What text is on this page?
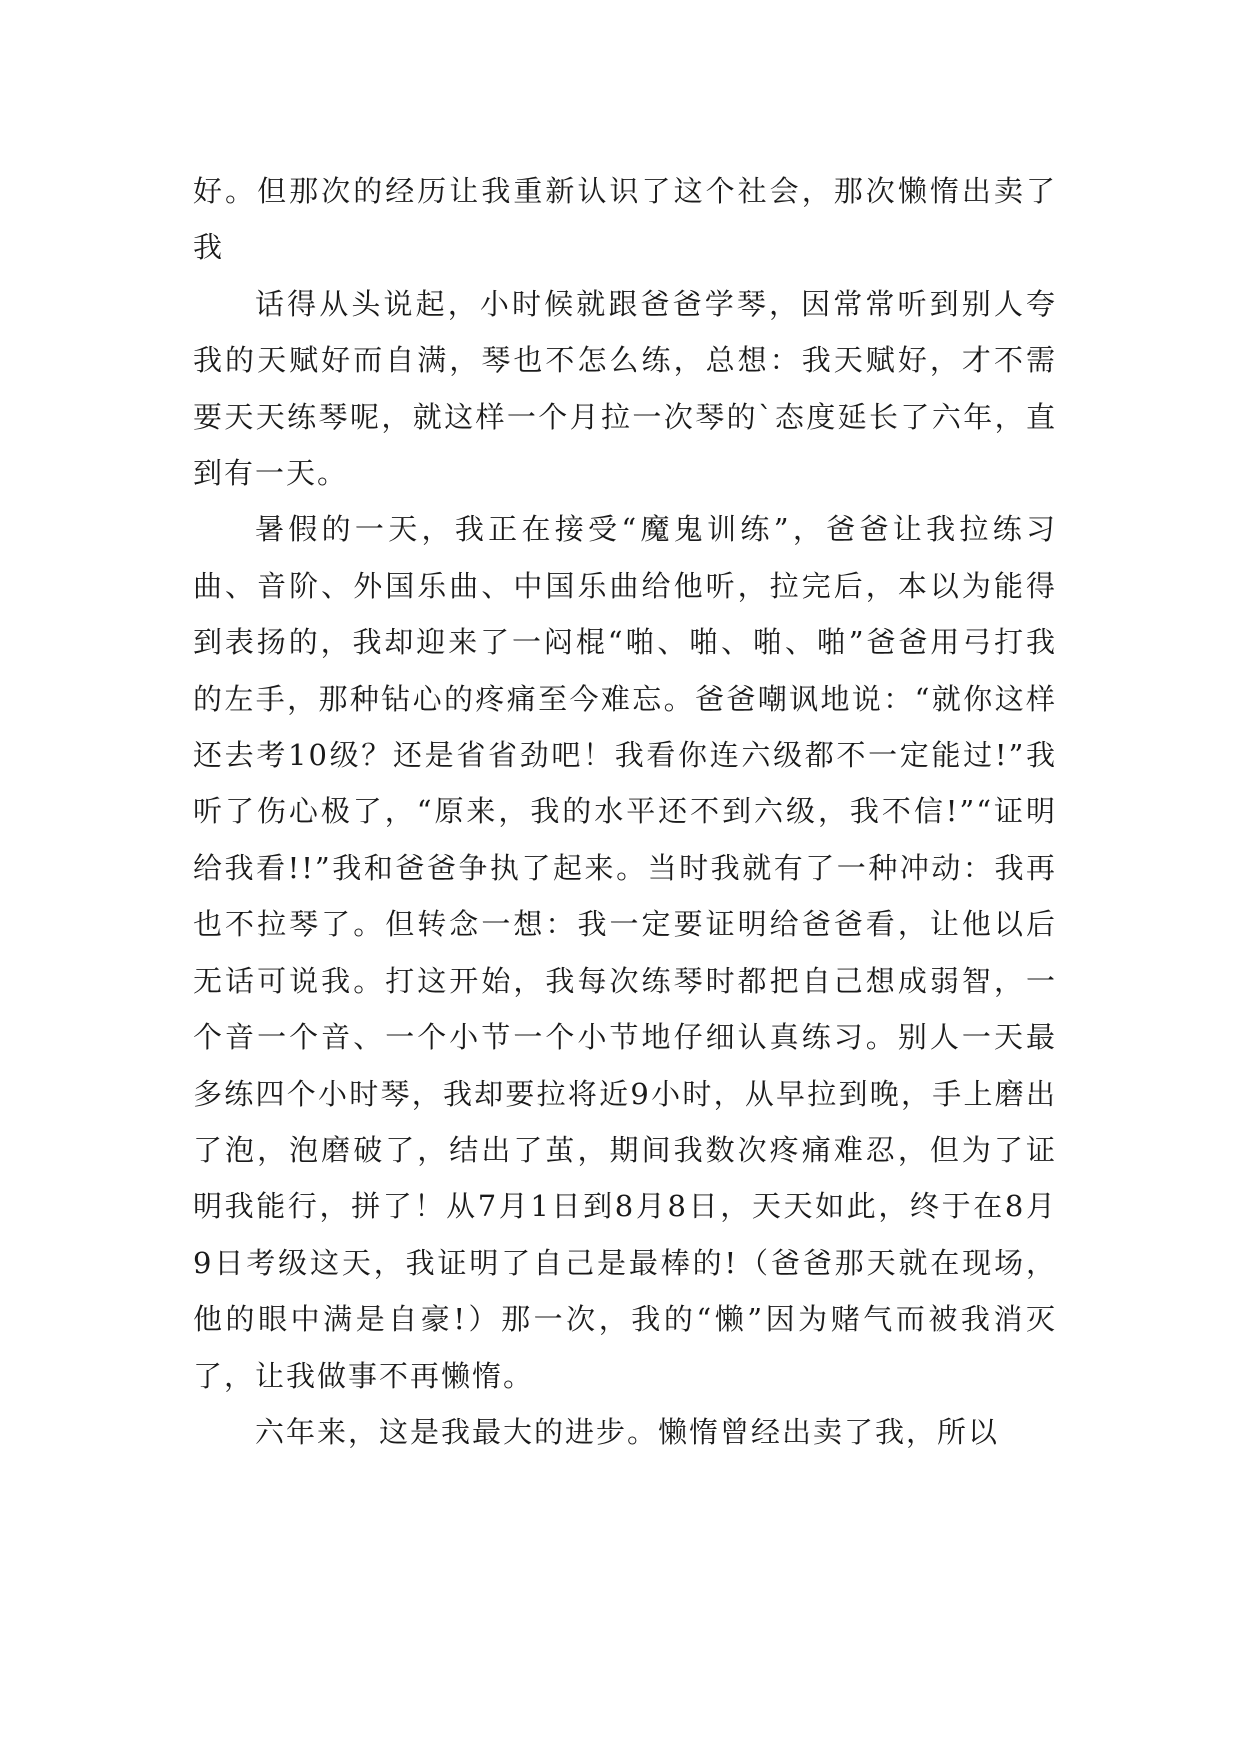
好。但那次的经历让我重新认识了这个社会，那次懒惰出卖了我

话得从头说起，小时候就跟爸爸学琴，因常常听到别人夸我的天赋好而自满，琴也不怎么练，总想：我天赋好，才不需要天天练琴呢，就这样一个月拉一次琴的`态度延长了六年，直到有一天。

暑假的一天，我正在接受“魔鬼训练”，爸爸让我拉练习曲、音阶、外国乐曲、中国乐曲给他听，拉完后，本以为能得到表扬的，我却迎来了一闷棍“啪、啪、啪、啪”爸爸用弓打我的左手，那种钻心的疼痛至今难忘。爸爸嘲讽地说：“就你这样还去考10级？还是省省劲吧！我看你连六级都不一定能过!”我听了伤心极了，“原来，我的水平还不到六级，我不信!”“证明给我看!!”我和爸爸争执了起来。当时我就有了一种冲动：我再也不拉琴了。但转念一想：我一定要证明给爸爸看，让他以后无话可说我。打这开始，我每次练琴时都把自己想成弱智，一个音一个音、一个小节一个小节地仔细认真练习。别人一天最多练四个小时琴，我却要拉将近9小时，从早拉到晚，手上磨出了泡，泡磨破了，结出了茧，期间我数次疼痛难忍，但为了证明我能行，拼了！从7月1日到8月8日，天天如此，终于在8月9日考级这天，我证明了自己是最棒的!（爸爸那天就在现场，他的眼中满是自豪!）那一次，我的“懒”因为赌气而被我消灭了，让我做事不再懒惰。

六年来，这是我最大的进步。懒惰曾经出卖了我，所以
